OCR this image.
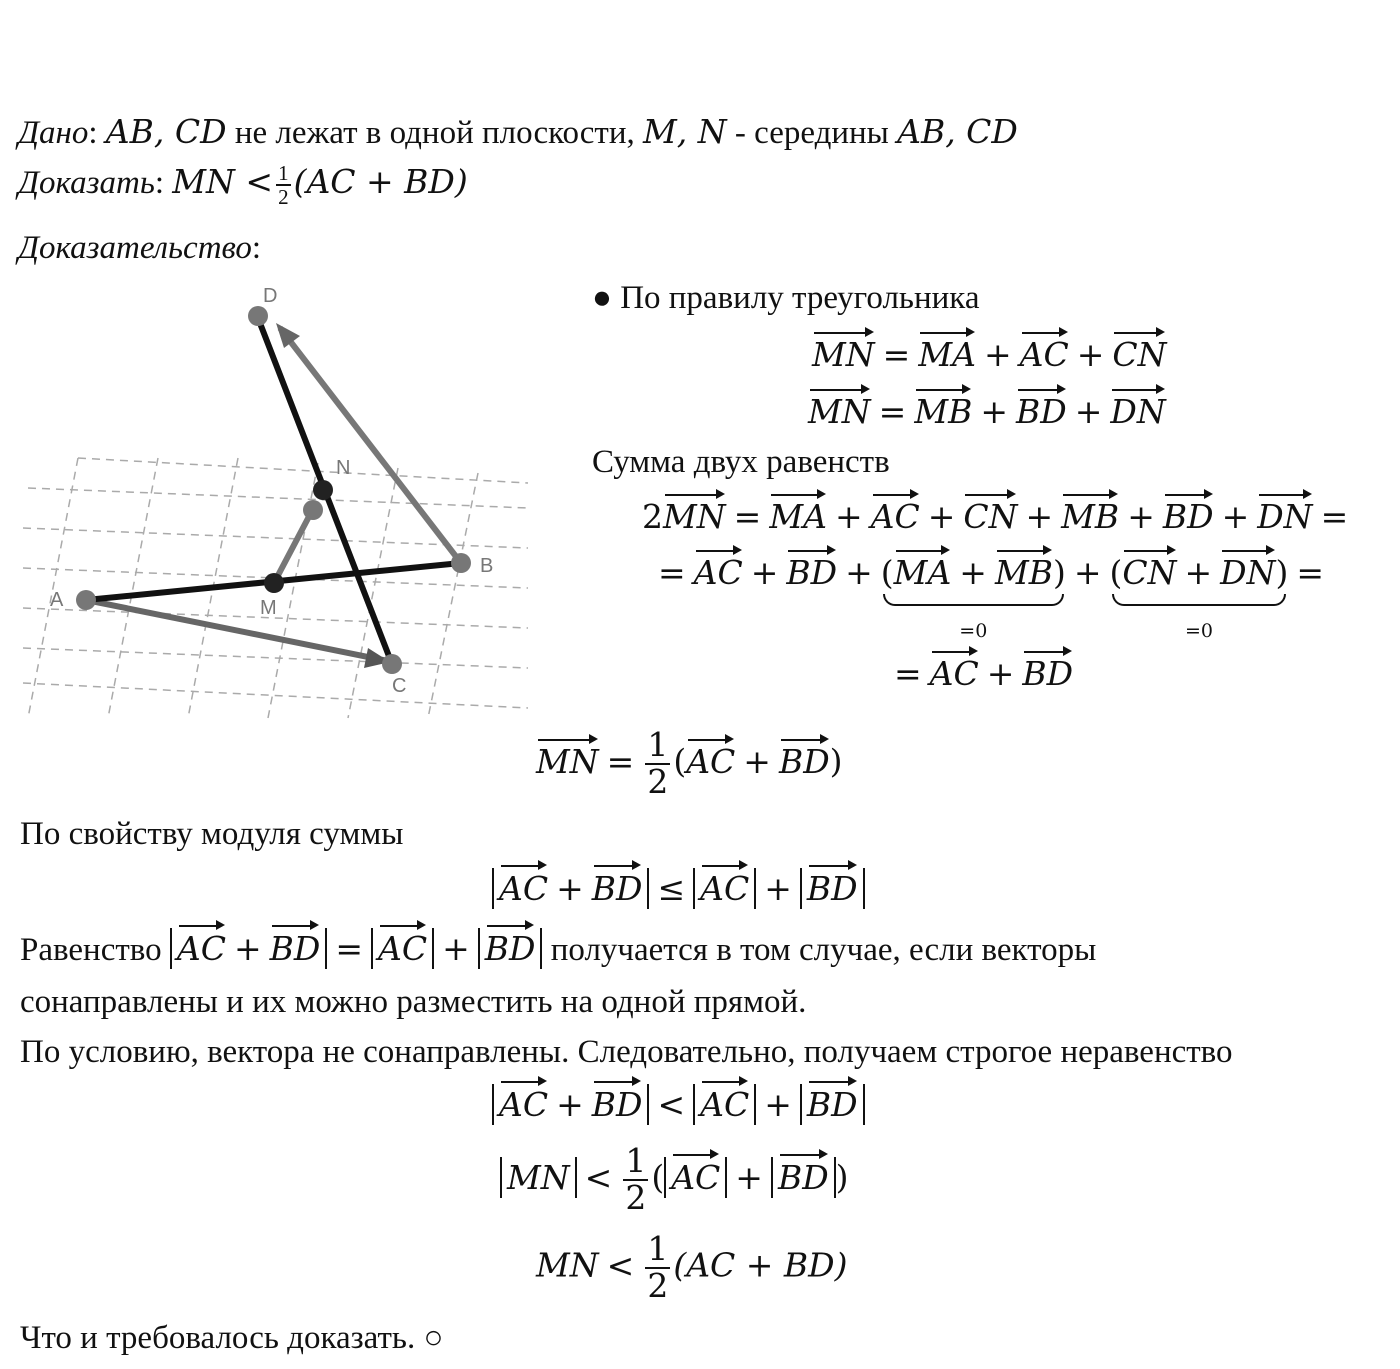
Дано: AB, CD не лежат в одной плоскости, M, N - середины AB, CD
Доказать: MN < $\frac{1}{2} (AC + BD)$
Доказательство:
D
N
B
A	M
C
● По правилу треугольника
MN = MA + AC + CN
MN = MB + BD + DN
Сумма двух равенств
2MN = MA + AC + CN + MB + BD + DN =
= AC + BD + (MA + MB)
=0
+ (CN + DN)
=0
=
= AC + BD
MN = $\frac{1}{2} (AC + BD)$
По свойству модуля суммы
AC + BD ≤ AC + BD
Равенство AC + BD = AC + BD получается в том случае, если векторы
сонаправлены и их можно разместить на одной прямой.
По условию, вектора не сонаправлены. Следовательно, получаем строгое неравенство
AC + BD < AC + BD
MN < $\frac{1}{2}$ ( AC + BD )
MN < $\frac{1}{2} (AC + BD)$
Что и требовалось доказать. ○
